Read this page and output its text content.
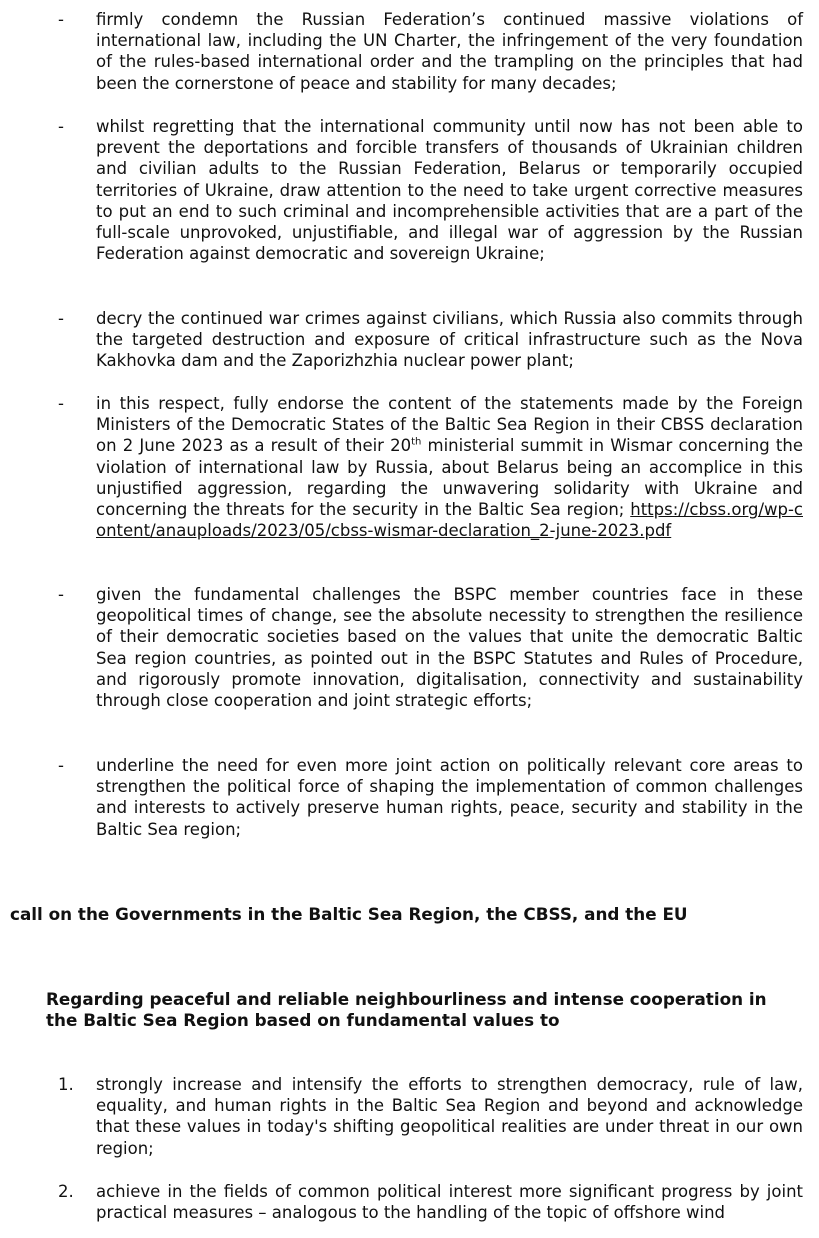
- firmly condemn the Russian Federation’s continued massive violations of international law, including the UN Charter, the infringement of the very foundation of the rules-based international order and the trampling on the principles that had been the cornerstone of peace and stability for many decades;
- whilst regretting that the international community until now has not been able to prevent the deportations and forcible transfers of thousands of Ukrainian children and civilian adults to the Russian Federation, Belarus or temporarily occupied territories of Ukraine, draw attention to the need to take urgent corrective measures to put an end to such criminal and incomprehensible activities that are a part of the full-scale unprovoked, unjustifiable, and illegal war of aggression by the Russian Federation against democratic and sovereign Ukraine;
- decry the continued war crimes against civilians, which Russia also commits through the targeted destruction and exposure of critical infrastructure such as the Nova Kakhovka dam and the Zaporizhzhia nuclear power plant;
- in this respect, fully endorse the content of the statements made by the Foreign Ministers of the Democratic States of the Baltic Sea Region in their CBSS declaration on 2 June 2023 as a result of their 20th ministerial summit in Wismar concerning the violation of international law by Russia, about Belarus being an accomplice in this unjustified aggression, regarding the unwavering solidarity with Ukraine and concerning the threats for the security in the Baltic Sea region; https://cbss.org/wp-content/anauploads/2023/05/cbss-wismar-declaration_2-june-2023.pdf
- given the fundamental challenges the BSPC member countries face in these geopolitical times of change, see the absolute necessity to strengthen the resilience of their democratic societies based on the values that unite the democratic Baltic Sea region countries, as pointed out in the BSPC Statutes and Rules of Procedure, and rigorously promote innovation, digitalisation, connectivity and sustainability through close cooperation and joint strategic efforts;
- underline the need for even more joint action on politically relevant core areas to strengthen the political force of shaping the implementation of common challenges and interests to actively preserve human rights, peace, security and stability in the Baltic Sea region;
call on the Governments in the Baltic Sea Region, the CBSS, and the EU
Regarding peaceful and reliable neighbourliness and intense cooperation in
the Baltic Sea Region based on fundamental values to
1. strongly increase and intensify the efforts to strengthen democracy, rule of law, equality, and human rights in the Baltic Sea Region and beyond and acknowledge that these values in today's shifting geopolitical realities are under threat in our own region;
2. achieve in the fields of common political interest more significant progress by joint practical measures – analogous to the handling of the topic of offshore wind
